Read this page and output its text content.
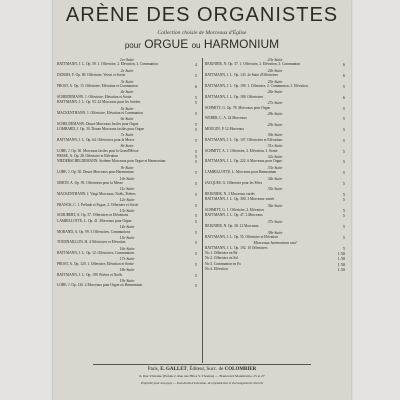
ARÈNE DES ORGANISTES
Collection choisie de Morceaux d'Église
pour ORGUE ou HARMONIUM
1er Suite
BATTMANN, J. L. Op. 58. 1. Offertoire, 2. Élévation, 3. Communion	4
2e Suite
DUBOIS, F. Op. 80. Offertoire, Verset et Sortie	5
3e Suite
PROST, A. Op. 15. Offertoire, Élévation et Communion	6
4e Suite
SCHEIDEMANN. 1. Offertoire, Élévation et Sortie	5
BATTMANN, J. L. Op. 93. 24 Morceaux pour les Soirées	5
5e Suite
MACKENTHANN. 1. Offertoire, Élévation et Communion	5
6e Suite
SCHELDEMANN. Douze Morceaux faciles pour Orgue	5
LOMBARD, J. Op. 30. Douze Morceaux faciles pour Orgue	5
7e Suite
BATTMANN, J. L. Op. 64. Offertoires pour la Messe	5
8e Suite
LOBÉ, J. Op. 30. Morceaux faciles pour la Grand'Messe	5
HESSE, A. Op. 28. Offertoire et Élévation	5
NIEDERSCHELDEMANN. Sixième Morceaux pour Orgue et Harmonium	5
9e Suite
LOBÉ, J. Op. 30. Douze Morceaux pour Harmonium	5
10e Suite
SIMON, A. Op. 95. Offertoires pour la Messe	5
11e Suite
MACKENTHANN, J. Vingt Morceaux, Noëls, Prières	5
12e Suite
FRANCK, C. 1. Prélude et Fugue, 2. Offertoire et Sortie	5
13e Suite
SCHUBERT, A. Op. 57. Offertoires et Élévations	5
LAMBILLOTTE, L. Op. 41. Morceaux pour Orgue	5
14e Suite
MORAND, A. Op. 99. 3 Offertoires, Communions	5
15e Suite
TOURNAILLON, H. 4 Offertoires et Élévation	5
16e Suite
BATTMANN, J. L. Op. 12. Offertoires, Communions	5
17e Suite
PROST, A. Op. 120. 1. Offertoire, Élévation et Sortie	5
18e Suite
BATTMANN, J. L. Op. 199. Prières et Noëls	5
19e Suite
LOBÉ, J. Op. 120. 2 Morceaux pour Orgue ou Harmonium	5
23e Suite
REIGNIER, N. Op. 37. 1. Offertoire, 2. Élévation, 3. Communion	6
24e Suite
BATTMANN, J. L. Op. 143. 2e Suite d'Offertoires	6
25e Suite
BATTMANN, J. L. Op. 199. 1. Offertoire, 2. Communion, 3. Élévation	5
26e Suite
BATTMANN, J. L. Op. 188. Offertoires	6
27e Suite
SCHMITT, G. Op. 78. Morceaux pour Orgue	5
28e Suite
WEBER, C. A. 24 Morceaux	5
29e Suite
MOUGIN, P. 12 Morceaux	5
30e Suite
BATTMANN, J. L. Op. 107. Offertoires et Élévations	5
31e Suite
SCHMITT, A. 1. Offertoire, 2. Élévation, 3. Sortie	5
32e Suite
BATTMANN, J. L. Op. 222. 6 Morceaux pour Orgue	5
33e Suite
LAMBILLOTTE, L. Morceaux pour Harmonium	5
34e Suite
JACQUES, G. Offertoire pour les Fêtes	5
35e Suite
REIGNIER, N. 3 Morceaux variés	5
BATTMANN, J. L. Op. 300. 3 Morceaux variés	5
36e Suite
SCHMITT, G. 1. Offertoire, 2. Élévation	5
BATTMANN, J. L. Op. 47. 3 Morceaux	5
37e Suite
REIGNIER, N. Op. 38. 12 Morceaux	5
38e Suite
BATTMANN, J. L. Op. 55. Offertoire et Élévation	5
Morceaux harmonium seul
BATTMANN, J. L. Op. 192. 10 Offertoires	5
No 1. Offertoire en Ré	1.50
No 2. Offertoire en Sol	1.50
No 3. Communion en Fa	1.50
No 4. Élévation	1.50
Paris, E. GALLET, Éditeur, Succ. de COLOMBIER
6, Rue Vivienne (Entrée 2, Rue des Filles S. Thomas) — Boulevard Montmartre, 25 et 27
Propriété pour tous pays — Tous droits d'exécution, de reproduction et d'arrangements réservés
